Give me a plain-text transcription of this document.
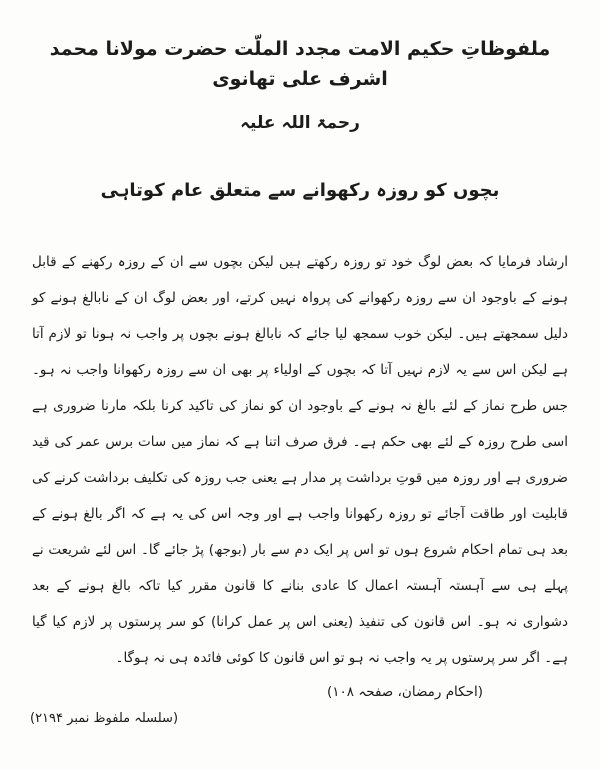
ملفوظاتِ حکیم الامت مجدد الملّت حضرت مولانا محمد اشرف علی تھانوی
رحمۃ اللہ علیہ
بچوں کو روزہ رکھوانے سے متعلق عام کوتاہی
ارشاد فرمایا کہ بعض لوگ خود تو روزہ رکھتے ہیں لیکن بچوں سے ان کے روزہ رکھنے کے قابل ہونے کے باوجود ان سے روزہ رکھوانے کی پرواہ نہیں کرتے، اور بعض لوگ ان کے نابالغ ہونے کو دلیل سمجھتے ہیں۔ لیکن خوب سمجھ لیا جائے کہ نابالغ ہونے بچوں پر واجب نہ ہونا تو لازم آتا ہے لیکن اس سے یہ لازم نہیں آتا کہ بچوں کے اولیاء پر بھی ان سے روزہ رکھوانا واجب نہ ہو۔ جس طرح نماز کے لئے بالغ نہ ہونے کے باوجود ان کو نماز کی تاکید کرنا بلکہ مارنا ضروری ہے اسی طرح روزہ کے لئے بھی حکم ہے۔ فرق صرف اتنا ہے کہ نماز میں سات برس عمر کی قید ضروری ہے اور روزہ میں قوتِ برداشت پر مدار ہے یعنی جب روزہ کی تکلیف برداشت کرنے کی قابلیت اور طاقت آجائے تو روزہ رکھوانا واجب ہے اور وجہ اس کی یہ ہے کہ اگر بالغ ہونے کے بعد ہی تمام احکام شروع ہوں تو اس پر ایک دم سے بار (بوجھ) پڑ جائے گا۔ اس لئے شریعت نے پہلے ہی سے آہستہ آہستہ اعمال کا عادی بنانے کا قانون مقرر کیا تاکہ بالغ ہونے کے بعد دشواری نہ ہو۔ اس قانون کی تنفیذ (یعنی اس پر عمل کرانا) کو سر پرستوں پر لازم کیا گیا ہے۔ اگر سر پرستوں پر یہ واجب نہ ہو تو اس قانون کا کوئی فائدہ ہی نہ ہوگا۔
(احکام رمضان، صفحہ ۱۰۸)
(سلسلہ ملفوظ نمبر ۲۱۹۴)
